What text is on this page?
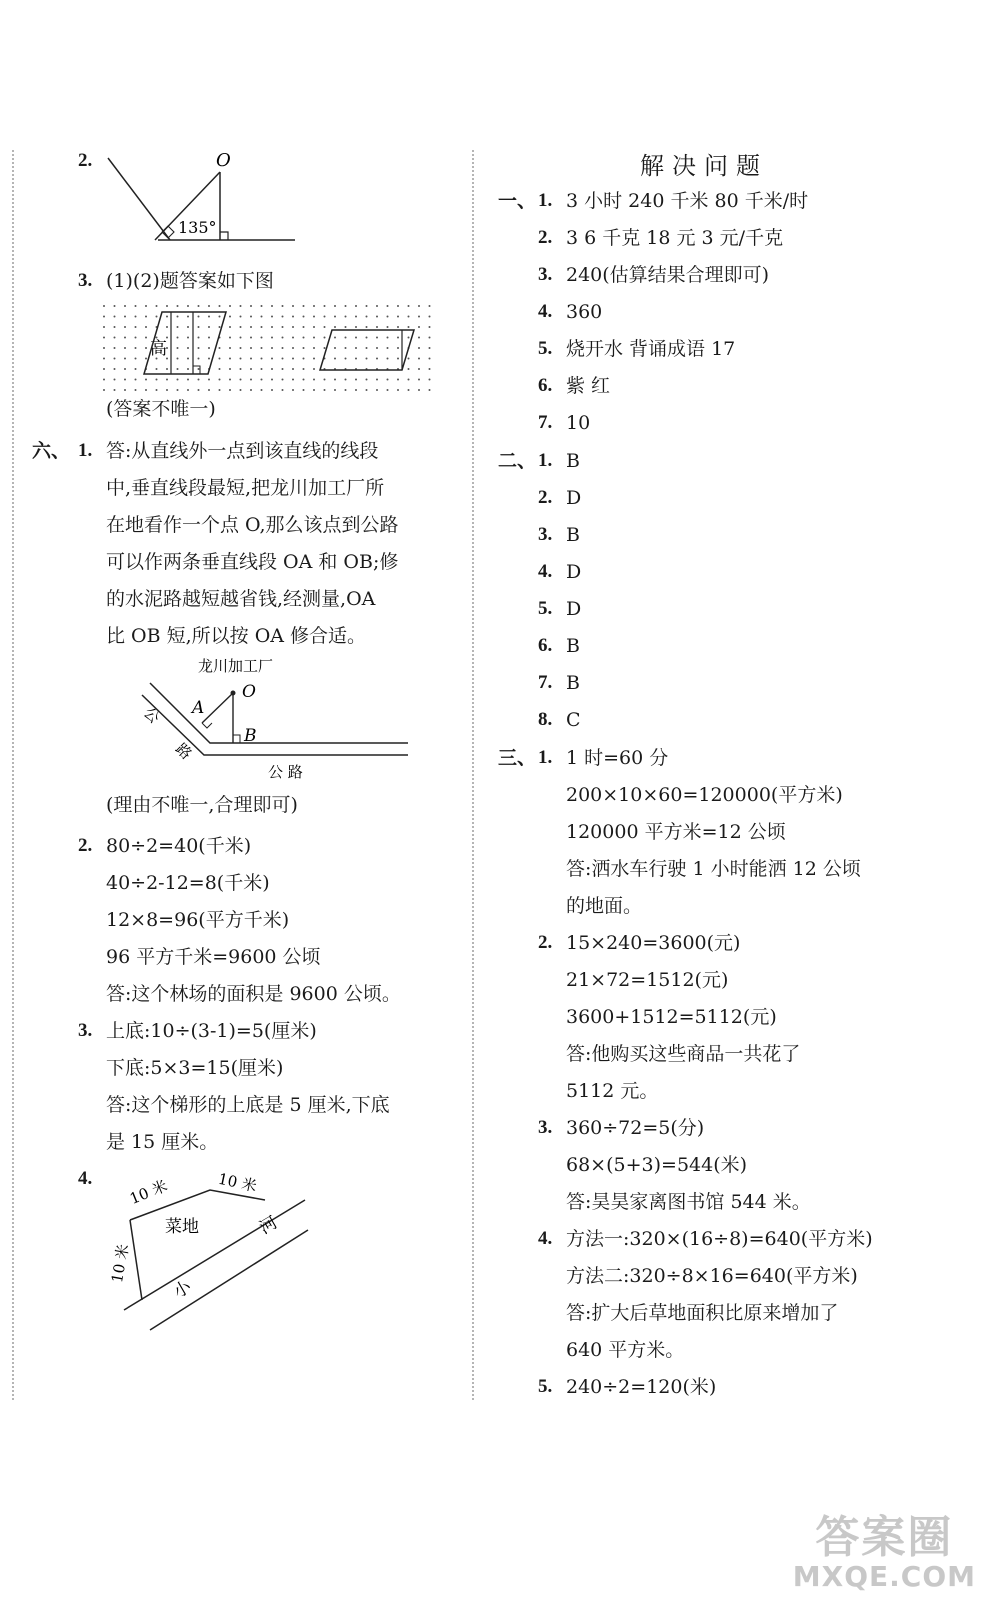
2.	O
135°
3. (1)(2)题答案如下图
高
(答案不唯一)
六、 1. 答:从直线外一点到该直线的线段
中,垂直线段最短,把龙川加工厂所
在地看作一个点 O,那么该点到公路
可以作两条垂直线段 OA 和 OB;修
的水泥路越短越省钱,经测量,OA
比 OB 短,所以按 OA 修合适。
龙川加工厂
O
A
B
公
路
公 路
(理由不唯一,合理即可)
2. 80÷2=40(千米)
40÷2-12=8(千米)
12×8=96(平方千米)
96 平方千米=9600 公顷
答:这个林场的面积是 9600 公顷。
3. 上底:10÷(3-1)=5(厘米)
下底:5×3=15(厘米)
答:这个梯形的上底是 5 厘米,下底
是 15 厘米。
4. 10 米	10 米
10 米
菜地	河
小
解决问题
一、 1. 3 小时 240 千米 80 千米/时
2. 3 6 千克 18 元 3 元/千克
3. 240(估算结果合理即可)
4. 360
5. 烧开水 背诵成语 17
6. 紫 红
7. 10
二、 1. B
2. D
3. B
4. D
5. D
6. B
7. B
8. C
三、 1. 1 时=60 分
200×10×60=120000(平方米)
120000 平方米=12 公顷
答:洒水车行驶 1 小时能洒 12 公顷
的地面。
2. 15×240=3600(元)
21×72=1512(元)
3600+1512=5112(元)
答:他购买这些商品一共花了
5112 元。
3. 360÷72=5(分)
68×(5+3)=544(米)
答:昊昊家离图书馆 544 米。
4. 方法一:320×(16÷8)=640(平方米)
方法二:320÷8×16=640(平方米)
答:扩大后草地面积比原来增加了
640 平方米。
5. 240÷2=120(米)
答案圈
MXQE.COM
